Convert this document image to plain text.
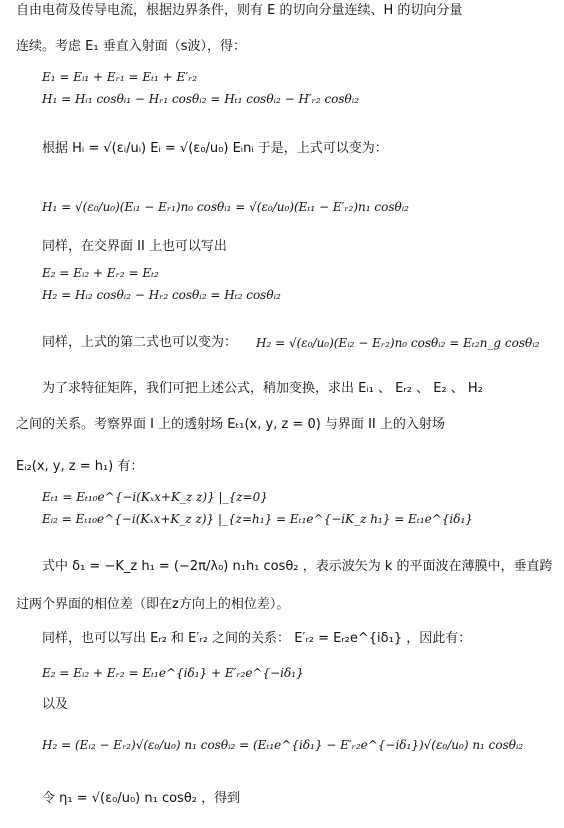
自由电荷及传导电流，根据边界条件，则有 E 的切向分量连续、H 的切向分量
连续。考虑 E₁ 垂直入射面（s波），得：
E₁ = Eᵢ₁ + Eᵣ₁ = Eₜ₁ + E′ᵣ₂
H₁ = Hᵢ₁ cosθᵢ₁ − Hᵣ₁ cosθᵢ₂ = Hₜ₁ cosθᵢ₂ − H′ᵣ₂ cosθᵢ₂
根据 Hᵢ = √(εᵢ/uᵢ) Eᵢ = √(ε₀/u₀) Eᵢnᵢ 于是，上式可以变为：
H₁ = √(ε₀/u₀)(Eᵢ₁ − Eᵣ₁)n₀ cosθᵢ₁ = √(ε₀/u₀)(Eₜ₁ − E′ᵣ₂)n₁ cosθᵢ₂
同样，在交界面 II 上也可以写出
E₂ = Eᵢ₂ + Eᵣ₂ = Eₜ₂
H₂ = Hᵢ₂ cosθᵢ₂ − Hᵣ₂ cosθᵢ₂ = Hₜ₂ cosθᵢ₂
同样，上式的第二式也可以变为： H₂ = √(ε₀/u₀)(Eᵢ₂ − Eᵣ₂)n₀ cosθᵢ₂ = Eₜ₂n_g cosθᵢ₂
为了求特征矩阵，我们可把上述公式，稍加变换，求出 Eᵢ₁ 、 Eᵣ₂ 、 E₂ 、 H₂
之间的关系。考察界面 I 上的透射场 Eₜ₁(x, y, z = 0) 与界面 II 上的入射场
Eᵢ₂(x, y, z = h₁) 有：
Eₜ₁ = Eₜ₁₀e^{−i(Kₓx+K_z z)} |_{z=0}
Eᵢ₂ = Eₜ₁₀e^{−i(Kₓx+K_z z)} |_{z=h₁} = Eₜ₁e^{−iK_z h₁} = Eₜ₁e^{iδ₁}
式中 δ₁ = −K_z h₁ = (−2π/λ₀) n₁h₁ cosθ₂ ，表示波矢为 k 的平面波在薄膜中，垂直跨
过两个界面的相位差（即在z方向上的相位差）。
同样，也可以写出 Eᵣ₂ 和 E′ᵣ₂ 之间的关系： E′ᵣ₂ = Eᵣ₂e^{iδ₁} ，因此有：
E₂ = Eᵢ₂ + Eᵣ₂ = Eₜ₁e^{iδ₁} + E′ᵣ₂e^{−iδ₁}
以及
H₂ = (Eᵢ₂ − Eᵣ₂)√(ε₀/u₀) n₁ cosθᵢ₂ = (Eₜ₁e^{iδ₁} − E′ᵣ₂e^{−iδ₁})√(ε₀/u₀) n₁ cosθᵢ₂
令 η₁ = √(ε₀/u₀) n₁ cosθ₂ ，得到
